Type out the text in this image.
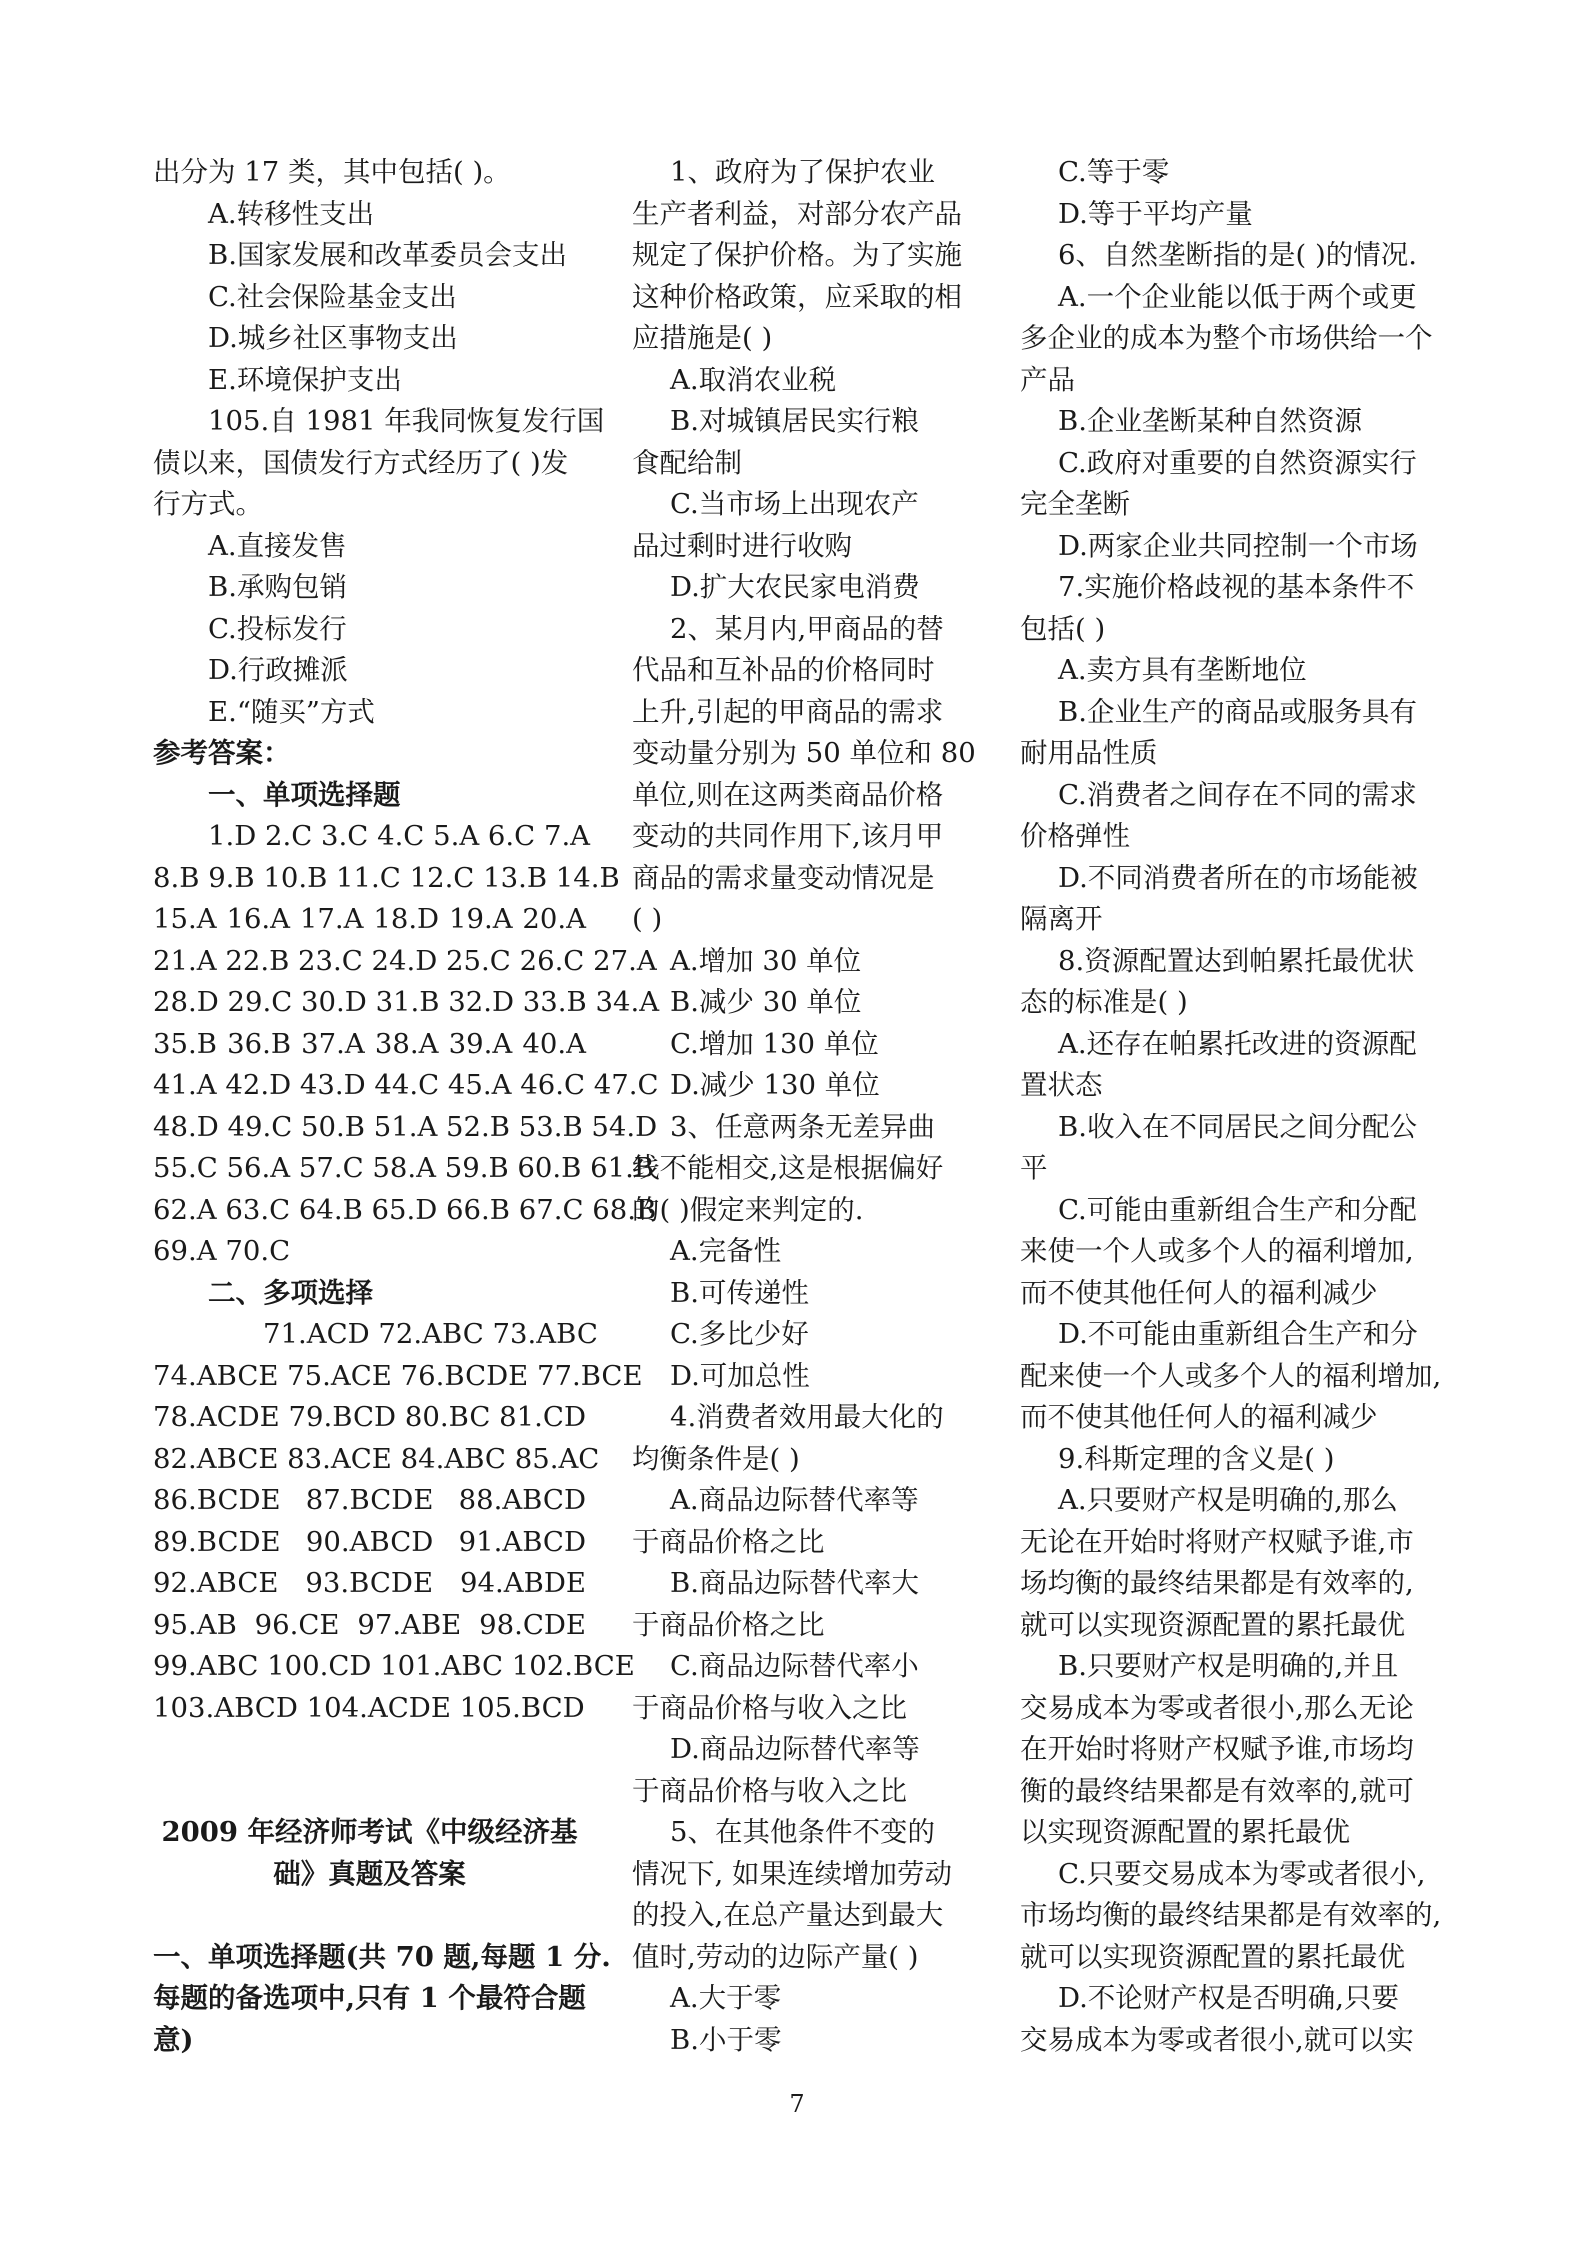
出分为 17 类，其中包括( )。
A.转移性支出
B.国家发展和改革委员会支出
C.社会保险基金支出
D.城乡社区事物支出
E.环境保护支出
105.自 1981 年我同恢复发行国
债以来，国债发行方式经历了( )发
行方式。
A.直接发售
B.承购包销
C.投标发行
D.行政摊派
E.“随买”方式
参考答案：
一、单项选择题
1.D 2.C 3.C 4.C 5.A 6.C 7.A
8.B 9.B 10.B 11.C 12.C 13.B 14.B
15.A 16.A 17.A 18.D 19.A 20.A
21.A 22.B 23.C 24.D 25.C 26.C 27.A
28.D 29.C 30.D 31.B 32.D 33.B 34.A
35.B 36.B 37.A 38.A 39.A 40.A
41.A 42.D 43.D 44.C 45.A 46.C 47.C
48.D 49.C 50.B 51.A 52.B 53.B 54.D
55.C 56.A 57.C 58.A 59.B 60.B 61.B
62.A 63.C 64.B 65.D 66.B 67.C 68.B
69.A 70.C
二、多项选择
71.ACD 72.ABC 73.ABC
74.ABCE 75.ACE 76.BCDE 77.BCE
78.ACDE 79.BCD 80.BC 81.CD
82.ABCE 83.ACE 84.ABC 85.AC
86.BCDE 87.BCDE 88.ABCD
89.BCDE 90.ABCD 91.ABCD
92.ABCE 93.BCDE 94.ABDE
95.AB 96.CE 97.ABE 98.CDE
99.ABC 100.CD 101.ABC 102.BCE
103.ABCD 104.ACDE 105.BCD
2009 年经济师考试《中级经济基
础》真题及答案
一、单项选择题(共 70 题,每题 1 分.
每题的备选项中,只有 1 个最符合题
意)
1、政府为了保护农业
生产者利益，对部分农产品
规定了保护价格。为了实施
这种价格政策，应采取的相
应措施是( )
A.取消农业税
B.对城镇居民实行粮
食配给制
C.当市场上出现农产
品过剩时进行收购
D.扩大农民家电消费
2、某月内,甲商品的替
代品和互补品的价格同时
上升,引起的甲商品的需求
变动量分别为 50 单位和 80
单位,则在这两类商品价格
变动的共同作用下,该月甲
商品的需求量变动情况是
( )
A.增加 30 单位
B.减少 30 单位
C.增加 130 单位
D.减少 130 单位
3、任意两条无差异曲
线不能相交,这是根据偏好
的( )假定来判定的.
A.完备性
B.可传递性
C.多比少好
D.可加总性
4.消费者效用最大化的
均衡条件是( )
A.商品边际替代率等
于商品价格之比
B.商品边际替代率大
于商品价格之比
C.商品边际替代率小
于商品价格与收入之比
D.商品边际替代率等
于商品价格与收入之比
5、在其他条件不变的
情况下, 如果连续增加劳动
的投入,在总产量达到最大
值时,劳动的边际产量( )
A.大于零
B.小于零
C.等于零
D.等于平均产量
6、自然垄断指的是( )的情况.
A.一个企业能以低于两个或更
多企业的成本为整个市场供给一个
产品
B.企业垄断某种自然资源
C.政府对重要的自然资源实行
完全垄断
D.两家企业共同控制一个市场
7.实施价格歧视的基本条件不
包括( )
A.卖方具有垄断地位
B.企业生产的商品或服务具有
耐用品性质
C.消费者之间存在不同的需求
价格弹性
D.不同消费者所在的市场能被
隔离开
8.资源配置达到帕累托最优状
态的标准是( )
A.还存在帕累托改进的资源配
置状态
B.收入在不同居民之间分配公
平
C.可能由重新组合生产和分配
来使一个人或多个人的福利增加,
而不使其他任何人的福利减少
D.不可能由重新组合生产和分
配来使一个人或多个人的福利增加,
而不使其他任何人的福利减少
9.科斯定理的含义是( )
A.只要财产权是明确的,那么
无论在开始时将财产权赋予谁,市
场均衡的最终结果都是有效率的,
就可以实现资源配置的累托最优
B.只要财产权是明确的,并且
交易成本为零或者很小,那么无论
在开始时将财产权赋予谁,市场均
衡的最终结果都是有效率的,就可
以实现资源配置的累托最优
C.只要交易成本为零或者很小,
市场均衡的最终结果都是有效率的,
就可以实现资源配置的累托最优
D.不论财产权是否明确,只要
交易成本为零或者很小,就可以实
7
